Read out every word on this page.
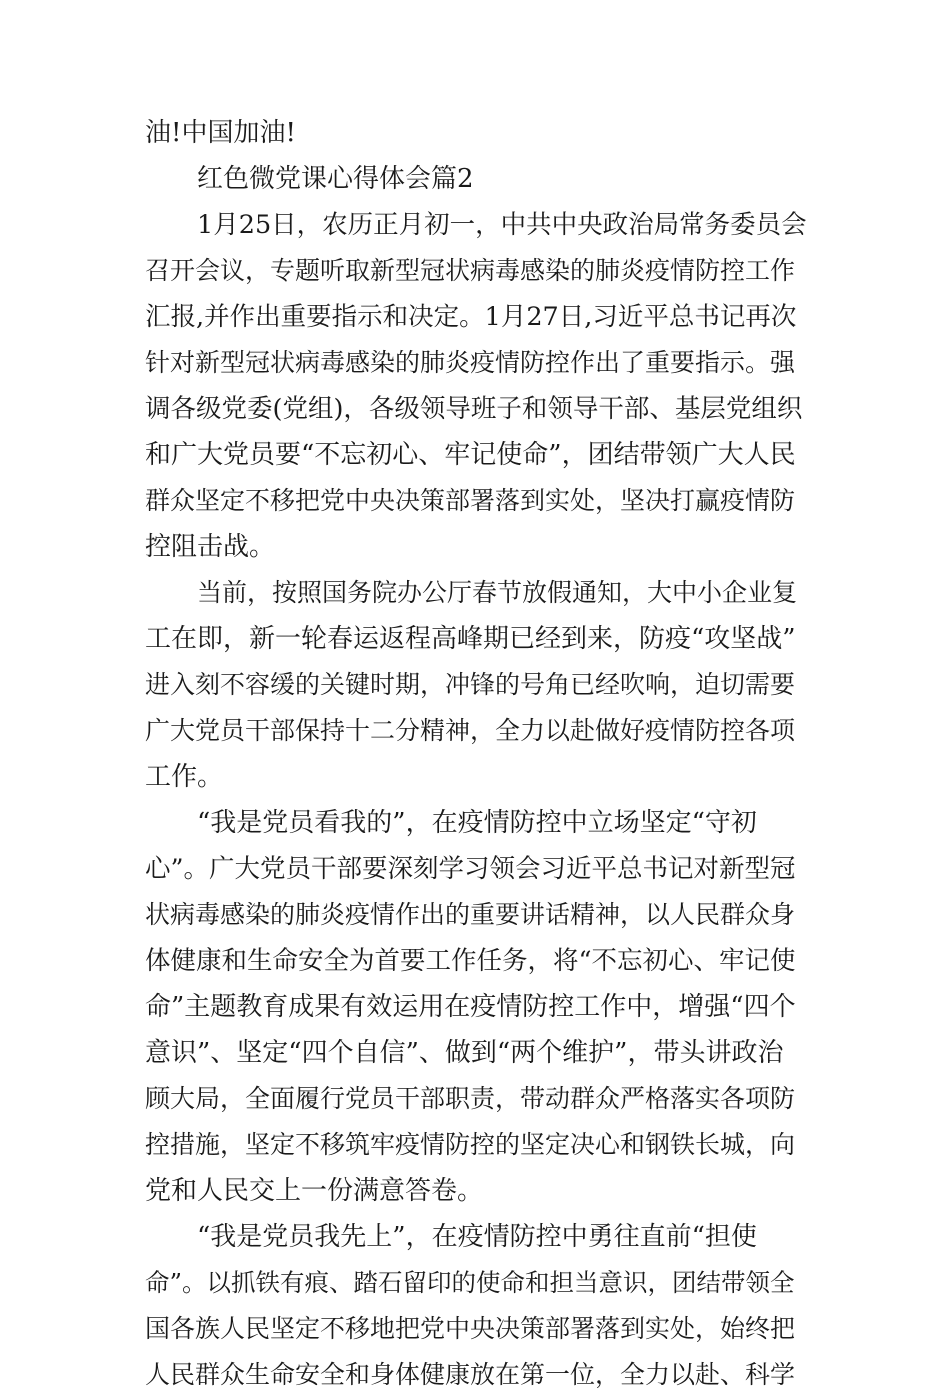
油!中国加油!
红色微党课心得体会篇2
1月25日，农历正月初一，中共中央政治局常务委员会
召开会议，专题听取新型冠状病毒感染的肺炎疫情防控工作
汇报,并作出重要指示和决定。1月27日,习近平总书记再次
针对新型冠状病毒感染的肺炎疫情防控作出了重要指示。强
调各级党委(党组)，各级领导班子和领导干部、基层党组织
和广大党员要“不忘初心、牢记使命”，团结带领广大人民
群众坚定不移把党中央决策部署落到实处，坚决打赢疫情防
控阻击战。
当前，按照国务院办公厅春节放假通知，大中小企业复
工在即，新一轮春运返程高峰期已经到来，防疫“攻坚战”
进入刻不容缓的关键时期，冲锋的号角已经吹响，迫切需要
广大党员干部保持十二分精神，全力以赴做好疫情防控各项
工作。
“我是党员看我的”，在疫情防控中立场坚定“守初
心”。广大党员干部要深刻学习领会习近平总书记对新型冠
状病毒感染的肺炎疫情作出的重要讲话精神，以人民群众身
体健康和生命安全为首要工作任务，将“不忘初心、牢记使
命”主题教育成果有效运用在疫情防控工作中，增强“四个
意识”、坚定“四个自信”、做到“两个维护”，带头讲政治
顾大局，全面履行党员干部职责，带动群众严格落实各项防
控措施，坚定不移筑牢疫情防控的坚定决心和钢铁长城，向
党和人民交上一份满意答卷。
“我是党员我先上”，在疫情防控中勇往直前“担使
命”。以抓铁有痕、踏石留印的使命和担当意识，团结带领全
国各族人民坚定不移地把党中央决策部署落到实处，始终把
人民群众生命安全和身体健康放在第一位，全力以赴、科学
